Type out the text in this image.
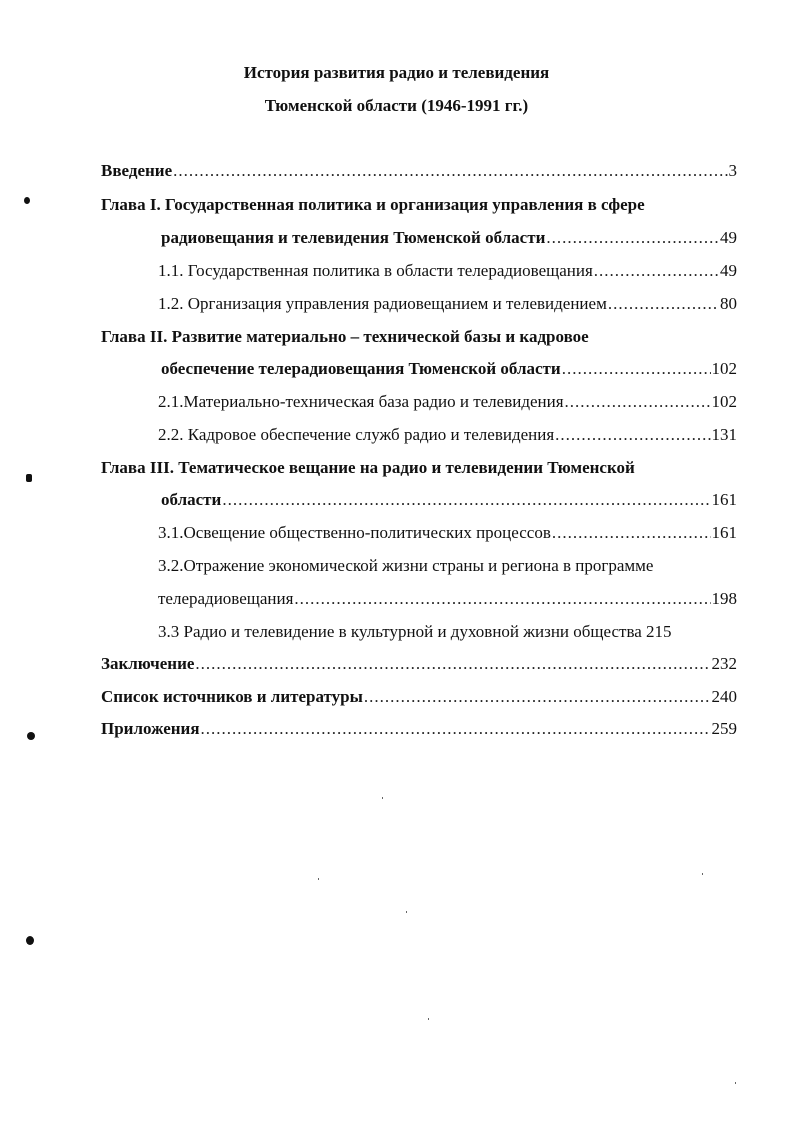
История развития радио и телевидения
Тюменской области (1946-1991 гг.)
Введение .....	3
Глава I. Государственная политика и организация управления в сфере
радиовещания и телевидения Тюменской области .....	49
1.1. Государственная политика в области телерадиовещания .....	49
1.2. Организация управления радиовещанием и телевидением .....	80
Глава II. Развитие материально – технической базы и кадровое
обеспечение телерадиовещания Тюменской области .....	102
2.1.Материально-техническая база радио и телевидения .....	102
2.2. Кадровое обеспечение служб радио и телевидения .....	131
Глава III. Тематическое вещание на радио и телевидении Тюменской
области .....	161
3.1.Освещение общественно-политических процессов .....	161
3.2.Отражение экономической жизни страны и региона в программе
телерадиовещания .....	198
3.3 Радио и телевидение в культурной и духовной жизни общества 215
Заключение .....	232
Список источников и литературы .....	240
Приложения .....	259
